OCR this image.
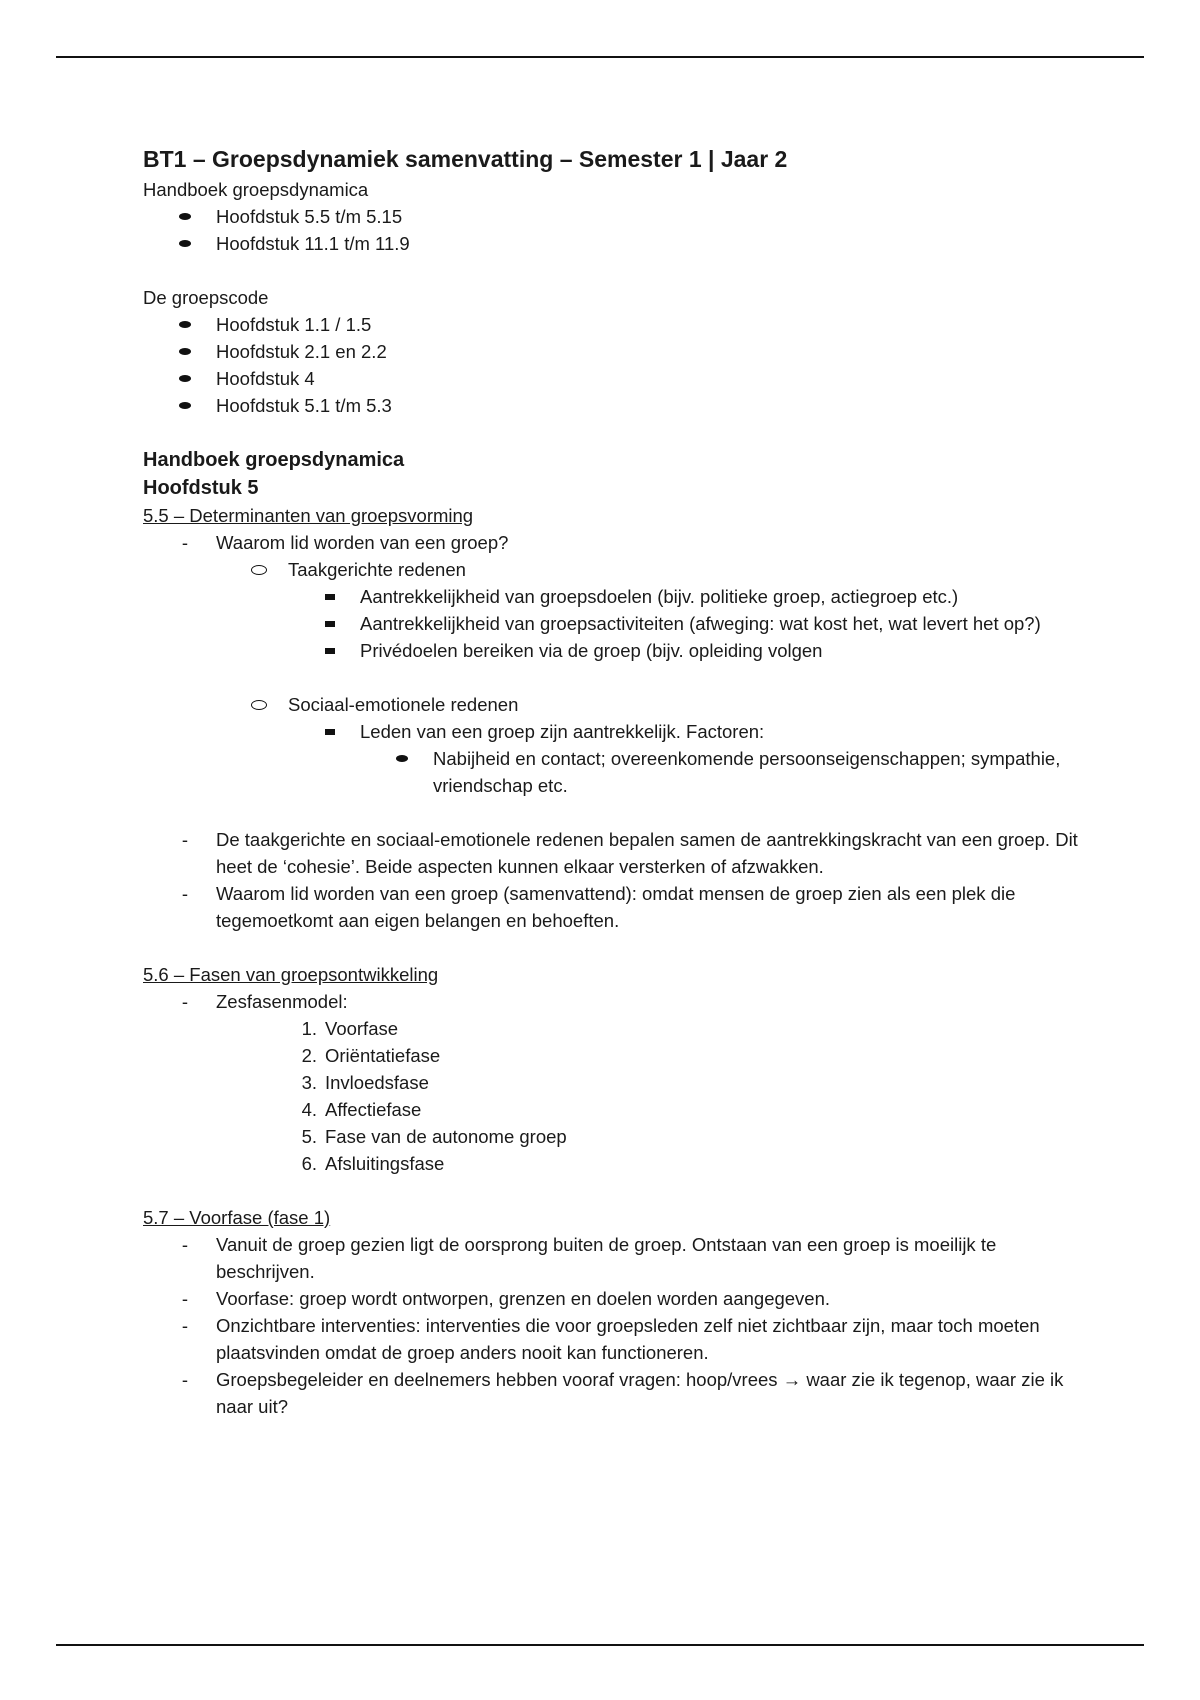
BT1 – Groepsdynamiek samenvatting – Semester 1 | Jaar 2

Handboek groepsdynamica

Hoofdstuk 5.5 t/m 5.15
Hoofdstuk 11.1 t/m 11.9

De groepscode

Hoofdstuk 1.1 / 1.5
Hoofdstuk 2.1 en 2.2
Hoofdstuk 4
Hoofdstuk 5.1 t/m 5.3

Handboek groepsdynamica

Hoofdstuk 5

5.5 – Determinanten van groepsvorming

- Waarom lid worden van een groep?
Taakgerichte redenen
Aantrekkelijkheid van groepsdoelen (bijv. politieke groep, actiegroep etc.)
Aantrekkelijkheid van groepsactiviteiten (afweging: wat kost het, wat levert het op?)
Privédoelen bereiken via de groep (bijv. opleiding volgen
Sociaal-emotionele redenen
Leden van een groep zijn aantrekkelijk. Factoren:
Nabijheid en contact; overeenkomende persoonseigenschappen; sympathie, vriendschap etc.
- De taakgerichte en sociaal-emotionele redenen bepalen samen de aantrekkingskracht van een groep. Dit heet de ‘cohesie’. Beide aspecten kunnen elkaar versterken of afzwakken.
- Waarom lid worden van een groep (samenvattend): omdat mensen de groep zien als een plek die tegemoetkomt aan eigen belangen en behoeften.

5.6 – Fasen van groepsontwikkeling

- Zesfasenmodel:
1. Voorfase
2. Oriëntatiefase
3. Invloedsfase
4. Affectiefase
5. Fase van de autonome groep
6. Afsluitingsfase

5.7 – Voorfase (fase 1)

- Vanuit de groep gezien ligt de oorsprong buiten de groep. Ontstaan van een groep is moeilijk te beschrijven.
- Voorfase: groep wordt ontworpen, grenzen en doelen worden aangegeven.
- Onzichtbare interventies: interventies die voor groepsleden zelf niet zichtbaar zijn, maar toch moeten plaatsvinden omdat de groep anders nooit kan functioneren.
- Groepsbegeleider en deelnemers hebben vooraf vragen: hoop/vrees → waar zie ik tegenop, waar zie ik naar uit?
